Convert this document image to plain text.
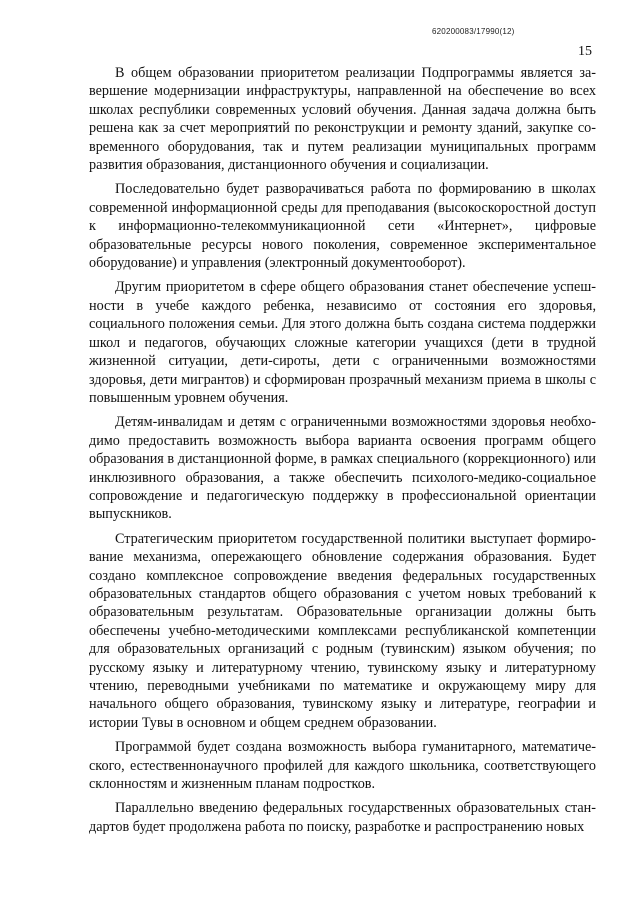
620200083/17990(12)
15

В общем образовании приоритетом реализации Подпрограммы является завершение модернизации инфраструктуры, направленной на обеспечение во всех школах республики современных условий обучения. Данная задача должна быть решена как за счет мероприятий по реконструкции и ремонту зданий, закупке современного оборудования, так и путем реализации муниципальных программ развития образования, дистанционного обучения и социализации.

Последовательно будет разворачиваться работа по формированию в школах современной информационной среды для преподавания (высокоскоростной доступ к информационно-телекоммуникационной сети «Интернет», цифровые образовательные ресурсы нового поколения, современное экспериментальное оборудование) и управления (электронный документооборот).

Другим приоритетом в сфере общего образования станет обеспечение успешности в учебе каждого ребенка, независимо от состояния его здоровья, социального положения семьи. Для этого должна быть создана система поддержки школ и педагогов, обучающих сложные категории учащихся (дети в трудной жизненной ситуации, дети-сироты, дети с ограниченными возможностями здоровья, дети мигрантов) и сформирован прозрачный механизм приема в школы с повышенным уровнем обучения.

Детям-инвалидам и детям с ограниченными возможностями здоровья необходимо предоставить возможность выбора варианта освоения программ общего образования в дистанционной форме, в рамках специального (коррекционного) или инклюзивного образования, а также обеспечить психолого-медико-социальное сопровождение и педагогическую поддержку в профессиональной ориентации выпускников.

Стратегическим приоритетом государственной политики выступает формирование механизма, опережающего обновление содержания образования. Будет создано комплексное сопровождение введения федеральных государственных образовательных стандартов общего образования с учетом новых требований к образовательным результатам. Образовательные организации должны быть обеспечены учебно-методическими комплексами республиканской компетенции для образовательных организаций с родным (тувинским) языком обучения; по русскому языку и литературному чтению, тувинскому языку и литературному чтению, переводными учебниками по математике и окружающему миру для начального общего образования, тувинскому языку и литературе, географии и истории Тувы в основном и общем среднем образовании.

Программой будет создана возможность выбора гуманитарного, математического, естественнонаучного профилей для каждого школьника, соответствующего склонностям и жизненным планам подростков.

Параллельно введению федеральных государственных образовательных стандартов будет продолжена работа по поиску, разработке и распространению новых
